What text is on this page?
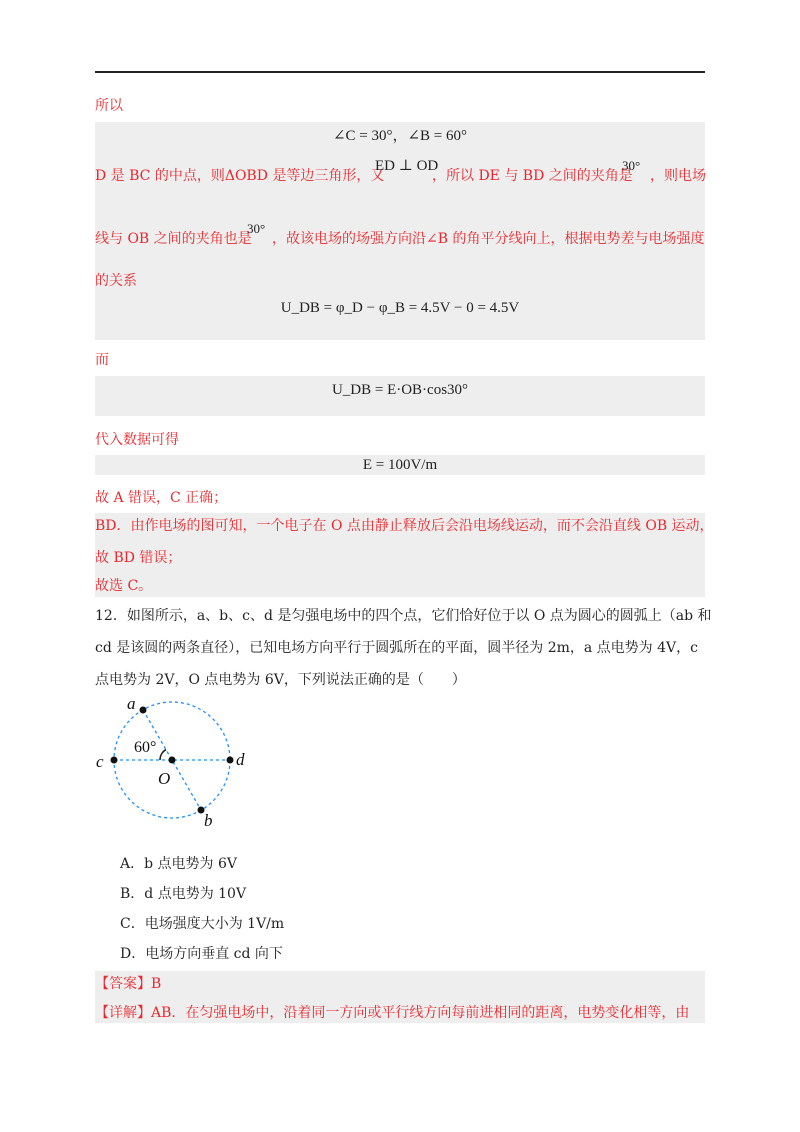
所以
∠C = 30°，∠B = 60°
D 是 BC 的中点，则ΔOBD 是等边三角形，又
ED ⊥ OD
，所以 DE 与 BD 之间的夹角是
30°
，则电场
线与 OB 之间的夹角也是
30°
，故该电场的场强方向沿∠B 的角平分线向上，根据电势差与电场强度
的关系
U_DB = φ_D − φ_B = 4.5V − 0 = 4.5V
而
U_DB = E·OB·cos30°
代入数据可得
E = 100V/m
故 A 错误，C 正确；
BD．由作电场的图可知，一个电子在 O 点由静止释放后会沿电场线运动，而不会沿直线 OB 运动，
故 BD 错误；
故选 C。
12．如图所示，a、b、c、d 是匀强电场中的四个点，它们恰好位于以 O 点为圆心的圆弧上（ab 和
cd 是该圆的两条直径），已知电场方向平行于圆弧所在的平面，圆半径为 2m，a 点电势为 4V，c
点电势为 2V，O 点电势为 6V，下列说法正确的是（　　）
a
b
c	d
O
60°
A．b 点电势为 6V
B．d 点电势为 10V
C．电场强度大小为 1V/m
D．电场方向垂直 cd 向下
【答案】B
【详解】AB．在匀强电场中，沿着同一方向或平行线方向每前进相同的距离，电势变化相等，由
